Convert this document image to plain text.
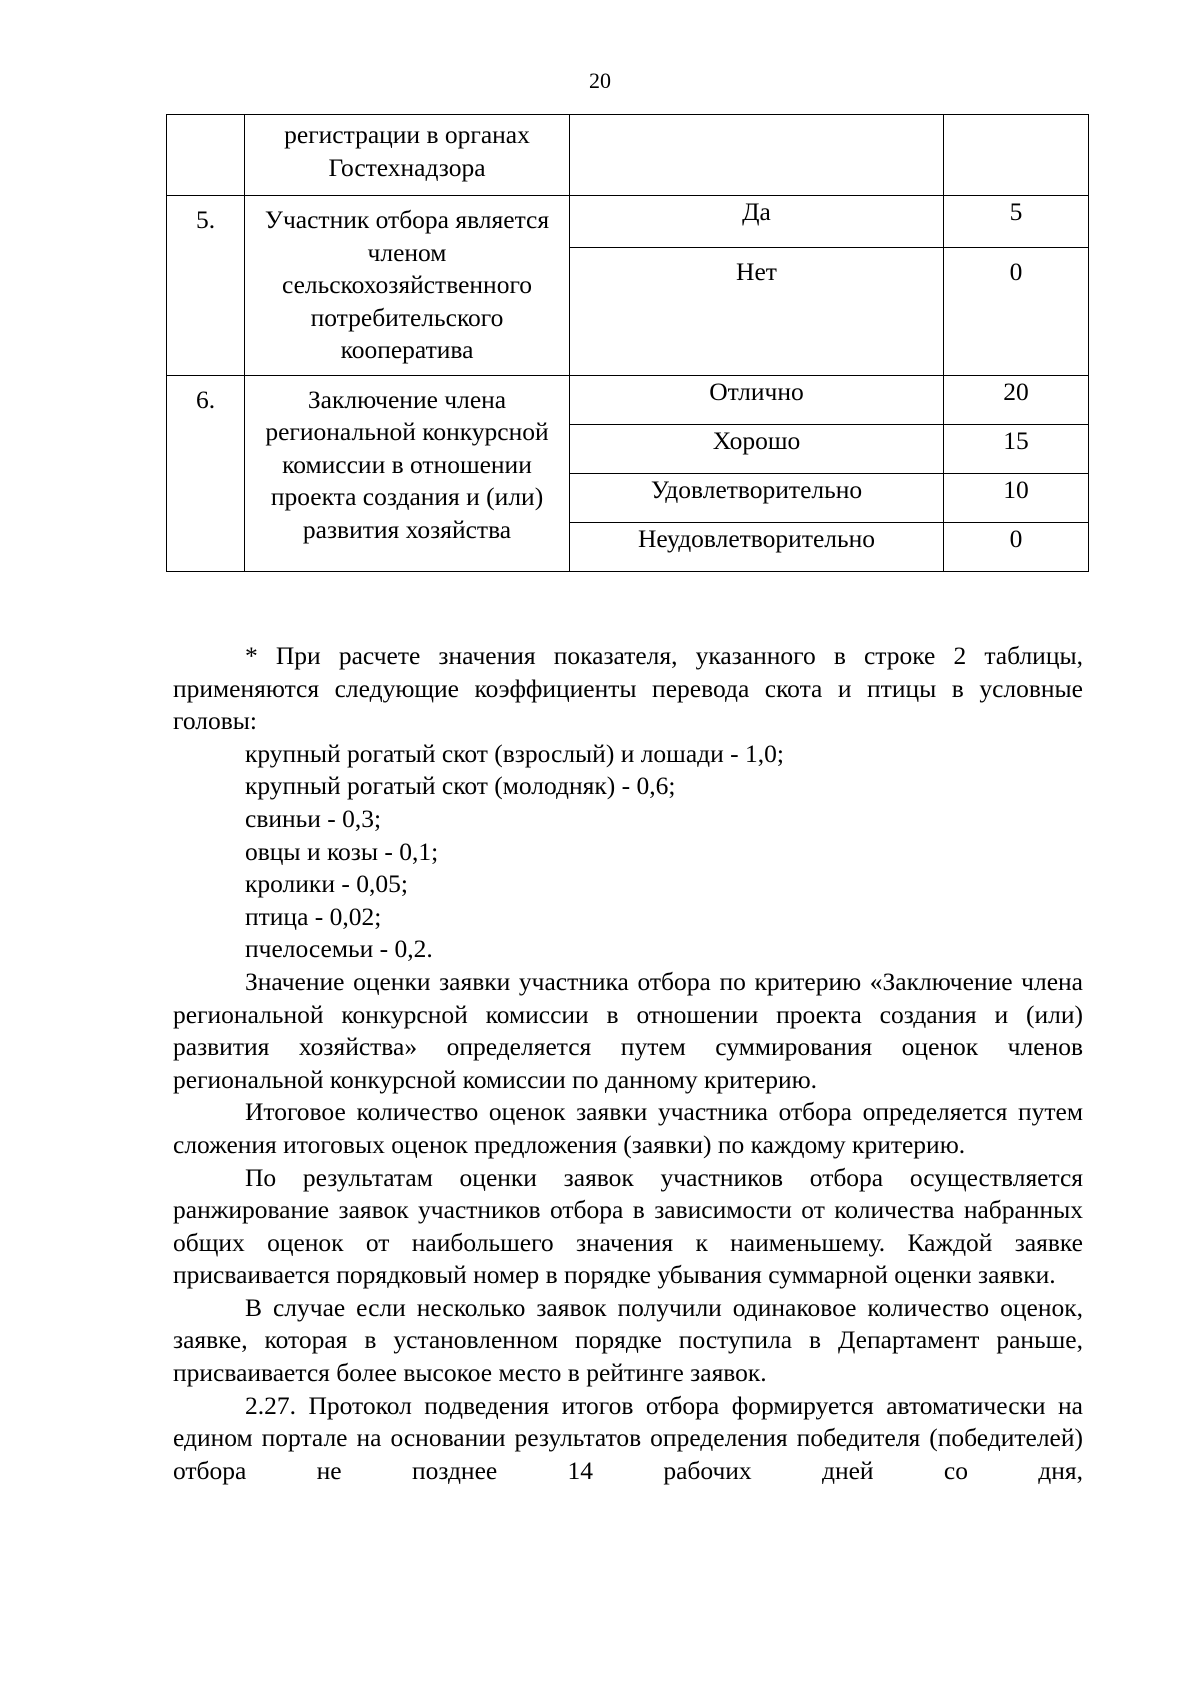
20

	регистрации в органах Гостехнадзора		

5.	Участник отбора является членом сельскохозяйственного потребительского кооператива	Да	5

		Нет	0

6.	Заключение члена региональной конкурсной комиссии в отношении проекта создания и (или) развития хозяйства	Отлично	20

		Хорошо	15

		Удовлетворительно	10

		Неудовлетворительно	0

* При расчете значения показателя, указанного в строке 2 таблицы, применяются следующие коэффициенты перевода скота и птицы в условные головы:

крупный рогатый скот (взрослый) и лошади - 1,0;

крупный рогатый скот (молодняк) - 0,6;

свиньи - 0,3;

овцы и козы - 0,1;

кролики - 0,05;

птица - 0,02;

пчелосемьи - 0,2.

Значение оценки заявки участника отбора по критерию «Заключение члена региональной конкурсной комиссии в отношении проекта создания и (или) развития хозяйства» определяется путем суммирования оценок членов региональной конкурсной комиссии по данному критерию.

Итоговое количество оценок заявки участника отбора определяется путем сложения итоговых оценок предложения (заявки) по каждому критерию.

По результатам оценки заявок участников отбора осуществляется ранжирование заявок участников отбора в зависимости от количества набранных общих оценок от наибольшего значения к наименьшему. Каждой заявке присваивается порядковый номер в порядке убывания суммарной оценки заявки.

В случае если несколько заявок получили одинаковое количество оценок, заявке, которая в установленном порядке поступила в Департамент раньше, присваивается более высокое место в рейтинге заявок.

2.27. Протокол подведения итогов отбора формируется автоматически на едином портале на основании результатов определения победителя (победителей) отбора не позднее 14 рабочих дней со дня,
